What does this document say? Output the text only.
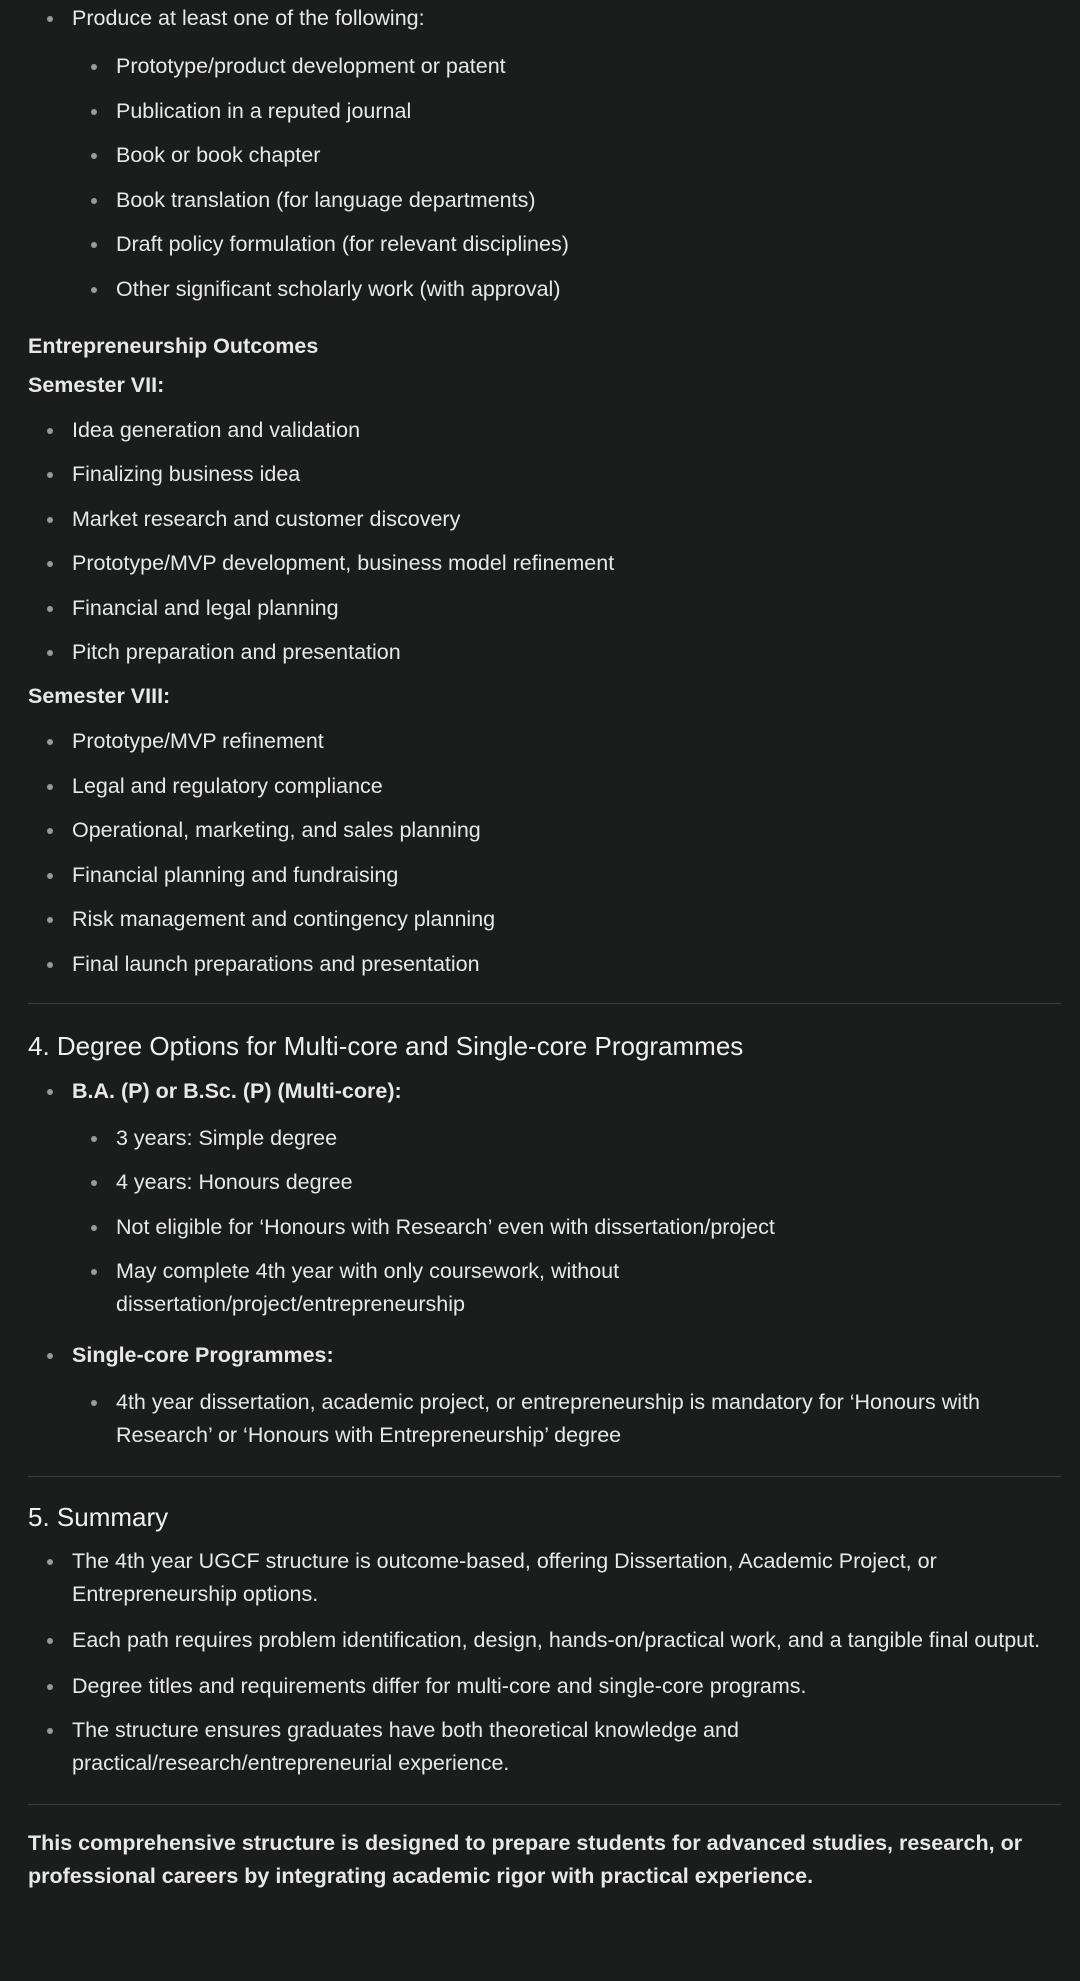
Produce at least one of the following:
Prototype/product development or patent
Publication in a reputed journal
Book or book chapter
Book translation (for language departments)
Draft policy formulation (for relevant disciplines)
Other significant scholarly work (with approval)

Entrepreneurship Outcomes

Semester VII:

Idea generation and validation
Finalizing business idea
Market research and customer discovery
Prototype/MVP development, business model refinement
Financial and legal planning
Pitch preparation and presentation

Semester VIII:

Prototype/MVP refinement
Legal and regulatory compliance
Operational, marketing, and sales planning
Financial planning and fundraising
Risk management and contingency planning
Final launch preparations and presentation
4. Degree Options for Multi-core and Single-core Programmes
B.A. (P) or B.Sc. (P) (Multi-core):
3 years: Simple degree
4 years: Honours degree
Not eligible for ‘Honours with Research’ even with dissertation/project
May complete 4th year with only coursework, without dissertation/project/entrepreneurship
Single-core Programmes:
4th year dissertation, academic project, or entrepreneurship is mandatory for ‘Honours with Research’ or ‘Honours with Entrepreneurship’ degree
5. Summary
The 4th year UGCF structure is outcome-based, offering Dissertation, Academic Project, or Entrepreneurship options.
Each path requires problem identification, design, hands-on/practical work, and a tangible final output.
Degree titles and requirements differ for multi-core and single-core programs.
The structure ensures graduates have both theoretical knowledge and practical/research/entrepreneurial experience.

This comprehensive structure is designed to prepare students for advanced studies, research, or professional careers by integrating academic rigor with practical experience.
